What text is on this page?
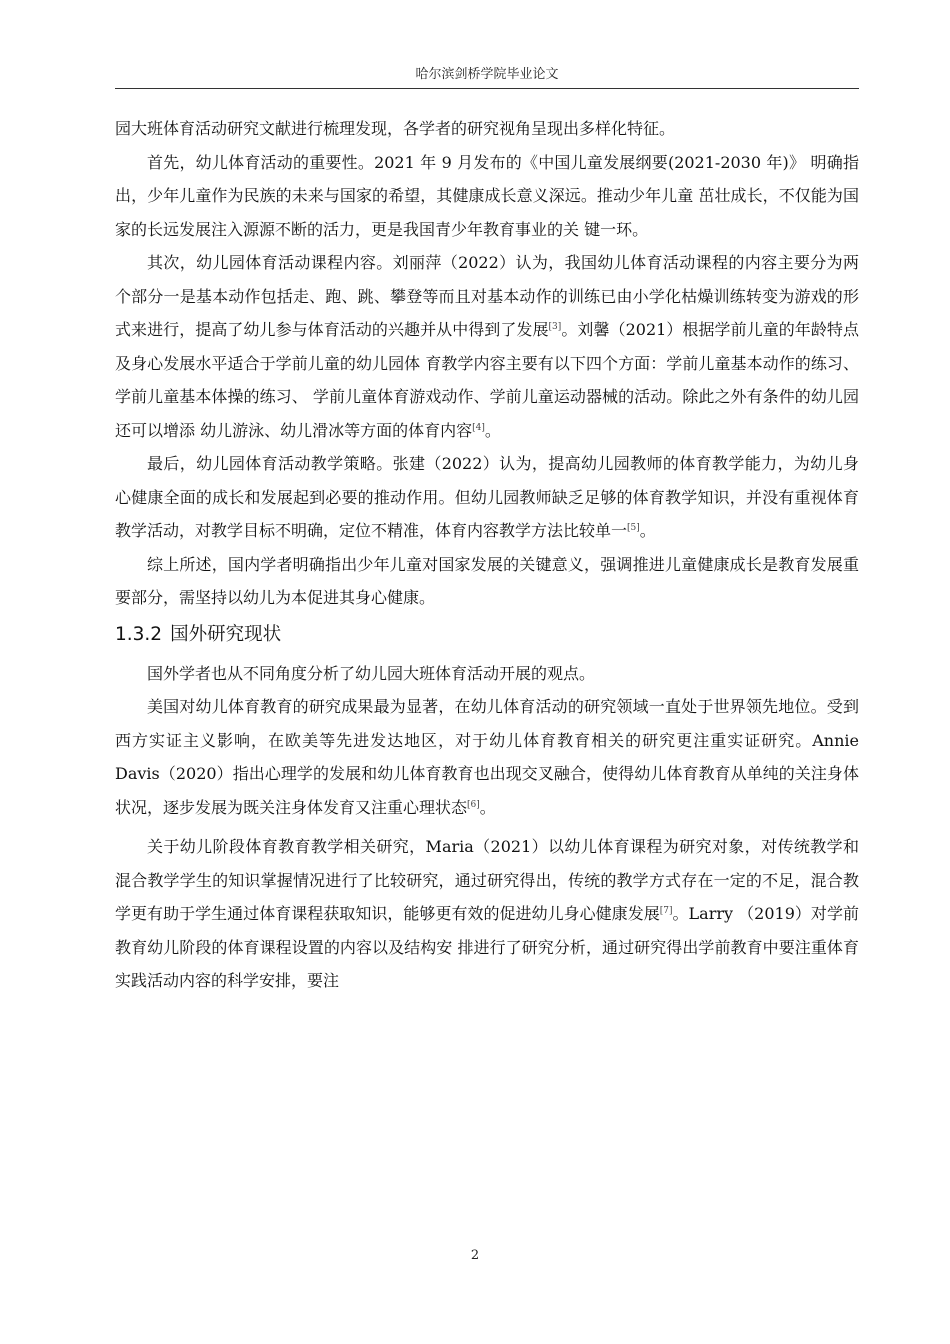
哈尔滨剑桥学院毕业论文

园大班体育活动研究文献进行梳理发现，各学者的研究视角呈现出多样化特征。

首先，幼儿体育活动的重要性。2021 年 9 月发布的《中国儿童发展纲要(2021-2030 年)》 明确指出，少年儿童作为民族的未来与国家的希望，其健康成长意义深远。推动少年儿童 茁壮成长，不仅能为国家的长远发展注入源源不断的活力，更是我国青少年教育事业的关 键一环。

其次，幼儿园体育活动课程内容。刘丽萍（2022）认为，我国幼儿体育活动课程的内容主要分为两个部分一是基本动作包括走、跑、跳、攀登等而且对基本动作的训练已由小学化枯燥训练转变为游戏的形式来进行，提高了幼儿参与体育活动的兴趣并从中得到了发展[3]。刘馨（2021）根据学前儿童的年龄特点及身心发展水平适合于学前儿童的幼儿园体 育教学内容主要有以下四个方面：学前儿童基本动作的练习、学前儿童基本体操的练习、 学前儿童体育游戏动作、学前儿童运动器械的活动。除此之外有条件的幼儿园还可以增添 幼儿游泳、幼儿滑冰等方面的体育内容[4]。

最后，幼儿园体育活动教学策略。张建（2022）认为，提高幼儿园教师的体育教学能力，为幼儿身心健康全面的成长和发展起到必要的推动作用。但幼儿园教师缺乏足够的体育教学知识，并没有重视体育教学活动，对教学目标不明确，定位不精准，体育内容教学方法比较单一[5]。

综上所述，国内学者明确指出少年儿童对国家发展的关键意义，强调推进儿童健康成长是教育发展重要部分，需坚持以幼儿为本促进其身心健康。

1.3.2 国外研究现状

国外学者也从不同角度分析了幼儿园大班体育活动开展的观点。

美国对幼儿体育教育的研究成果最为显著，在幼儿体育活动的研究领域一直处于世界领先地位。受到西方实证主义影响，在欧美等先进发达地区，对于幼儿体育教育相关的研究更注重实证研究。Annie Davis（2020）指出心理学的发展和幼儿体育教育也出现交叉融合，使得幼儿体育教育从单纯的关注身体状况，逐步发展为既关注身体发育又注重心理状态[6]。

关于幼儿阶段体育教育教学相关研究，Maria（2021）以幼儿体育课程为研究对象，对传统教学和混合教学学生的知识掌握情况进行了比较研究，通过研究得出，传统的教学方式存在一定的不足，混合教学更有助于学生通过体育课程获取知识，能够更有效的促进幼儿身心健康发展[7]。Larry （2019）对学前教育幼儿阶段的体育课程设置的内容以及结构安 排进行了研究分析，通过研究得出学前教育中要注重体育实践活动内容的科学安排，要注

2
